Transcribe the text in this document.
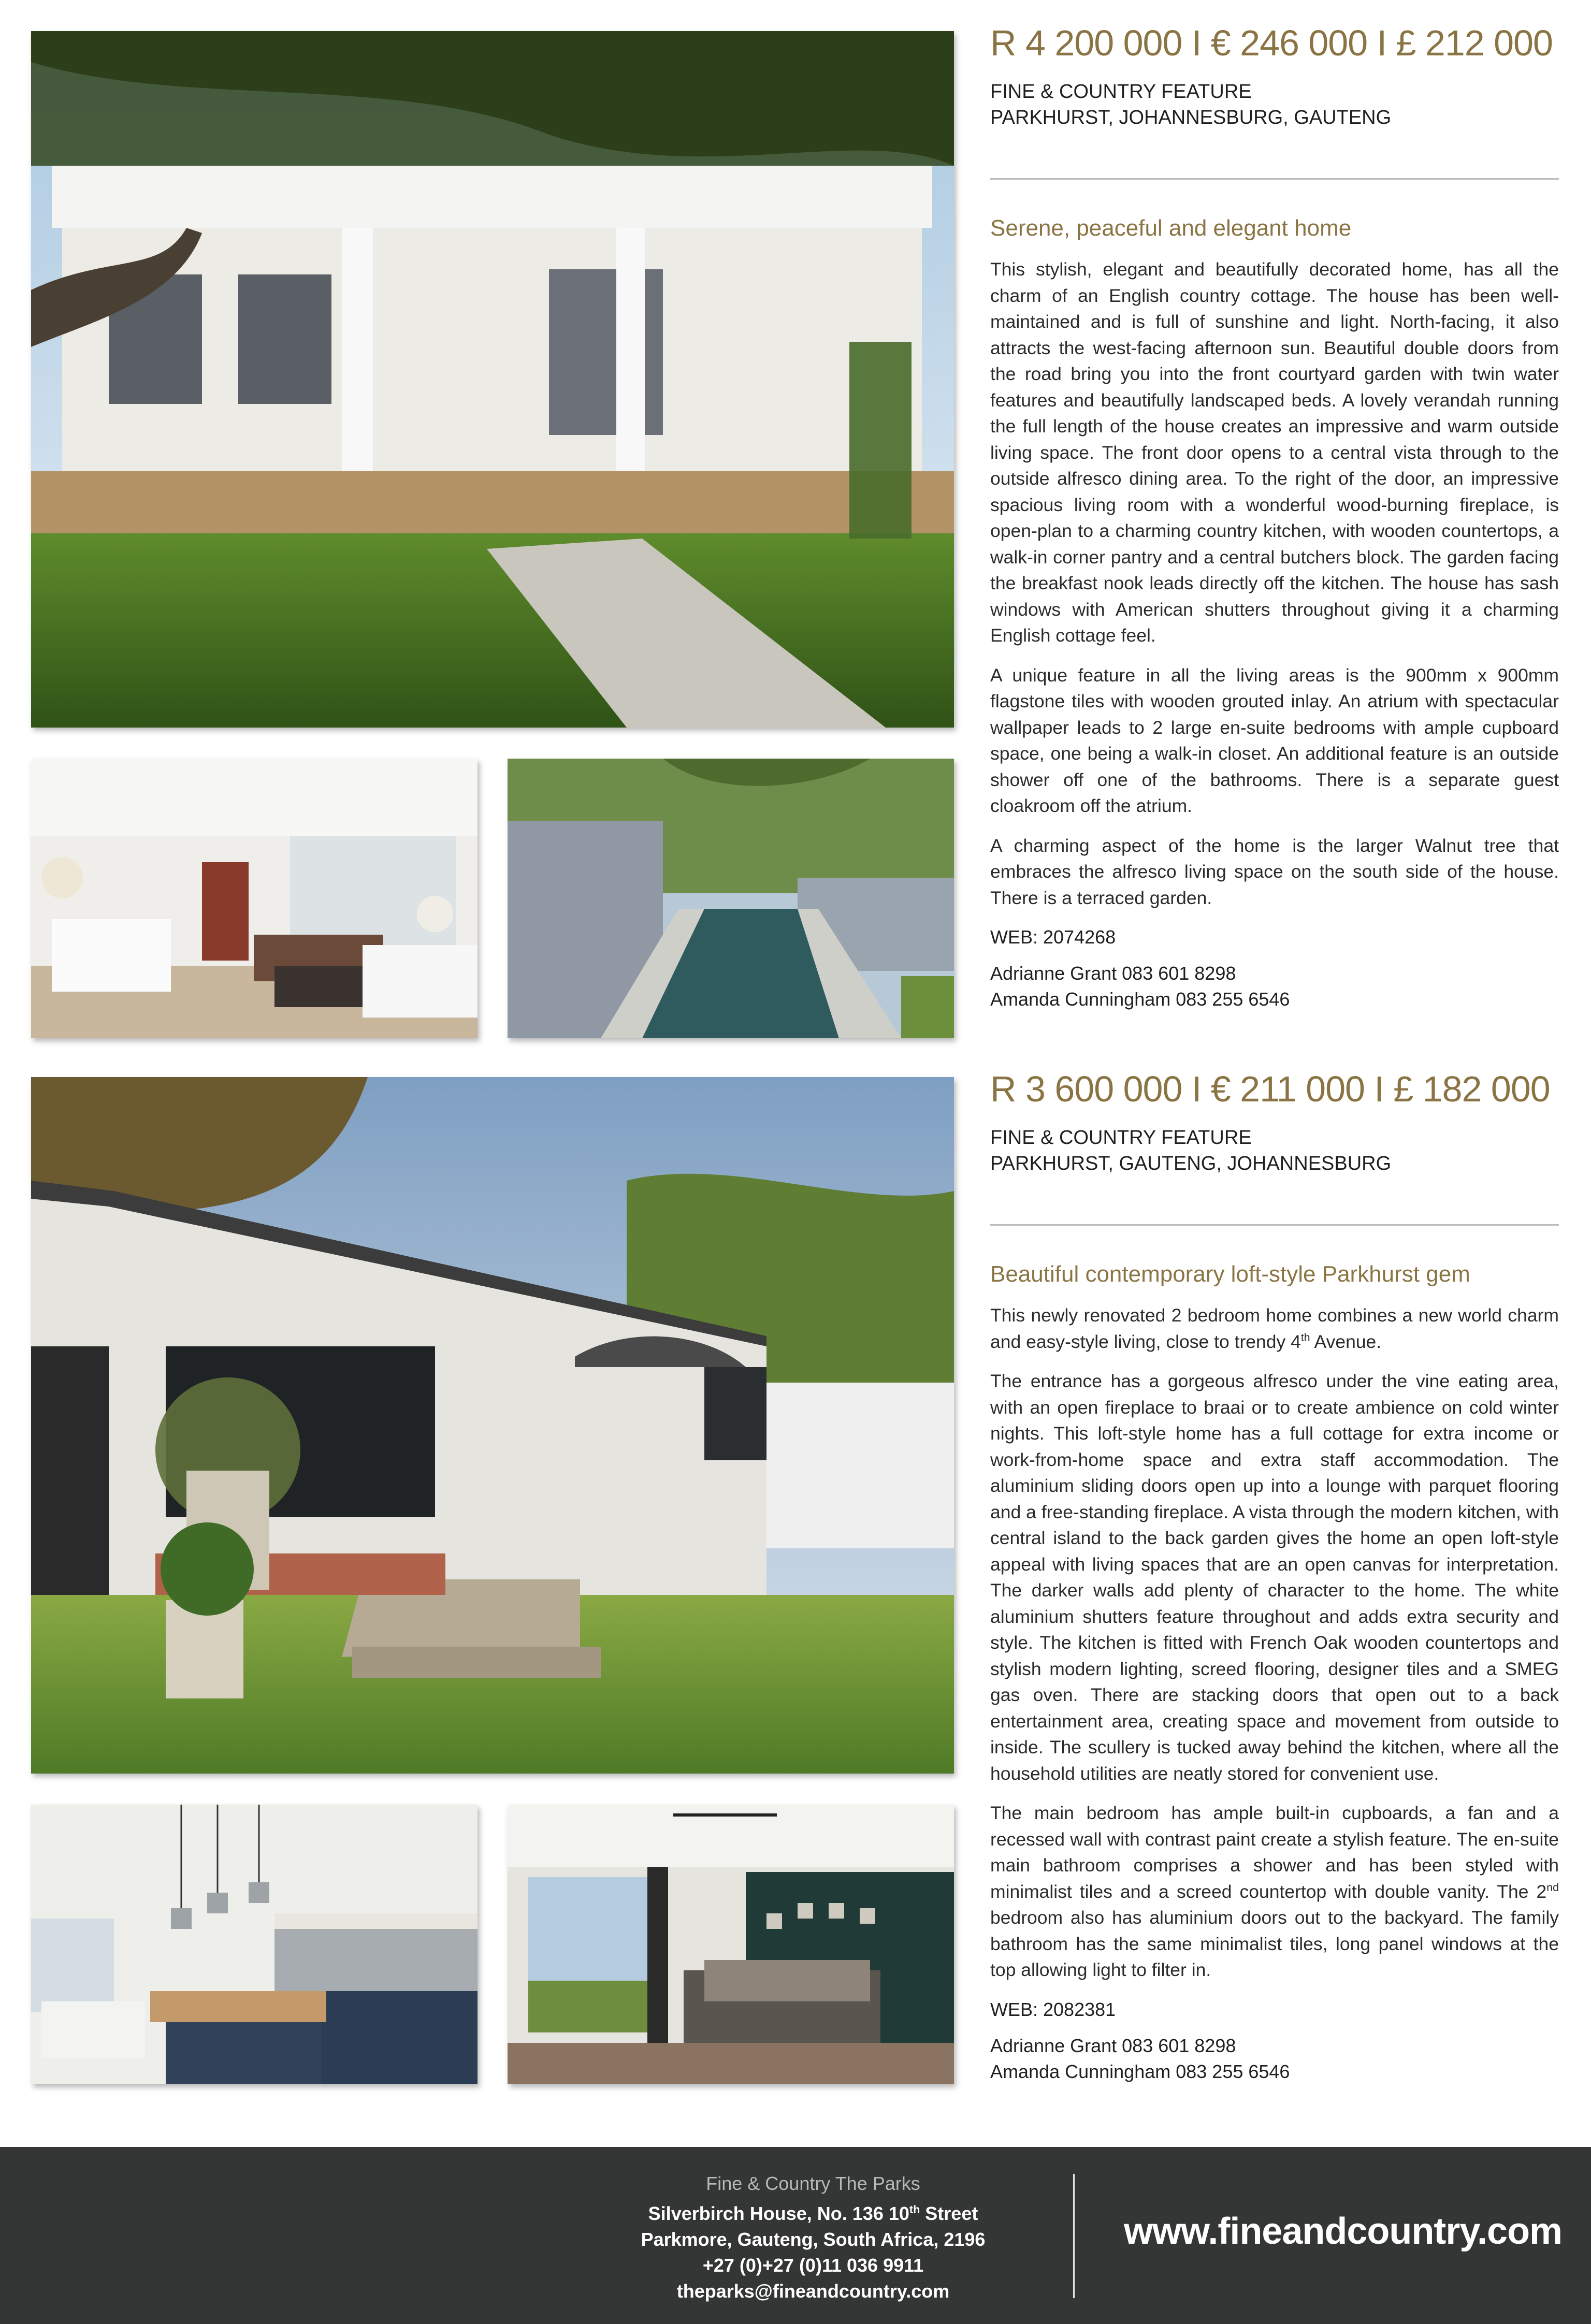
R 4 200 000 I € 246 000 I £ 212 000
FINE & COUNTRY FEATURE
PARKHURST, JOHANNESBURG, GAUTENG
Serene, peaceful and elegant home

This stylish, elegant and beautifully decorated home, has all the charm of an English country cottage. The house has been well-maintained and is full of sunshine and light. North-facing, it also attracts the west-facing afternoon sun. Beautiful double doors from the road bring you into the front courtyard garden with twin water features and beautifully landscaped beds. A lovely verandah running the full length of the house creates an impressive and warm outside living space. The front door opens to a central vista through to the outside alfresco dining area. To the right of the door, an impressive spacious living room with a wonderful wood-burning fireplace, is open-plan to a charming country kitchen, with wooden countertops, a walk-in corner pantry and a central butchers block. The garden facing the breakfast nook leads directly off the kitchen. The house has sash windows with American shutters throughout giving it a charming English cottage feel.

A unique feature in all the living areas is the 900mm x 900mm flagstone tiles with wooden grouted inlay. An atrium with spectacular wallpaper leads to 2 large en-suite bedrooms with ample cupboard space, one being a walk-in closet. An additional feature is an outside shower off one of the bathrooms. There is a separate guest cloakroom off the atrium.

A charming aspect of the home is the larger Walnut tree that embraces the alfresco living space on the south side of the house. There is a terraced garden.

WEB: 2074268
Adrianne Grant 083 601 8298
Amanda Cunningham 083 255 6546
R 3 600 000 I € 211 000 I £ 182 000
FINE & COUNTRY FEATURE
PARKHURST, GAUTENG, JOHANNESBURG
Beautiful contemporary loft-style Parkhurst gem

This newly renovated 2 bedroom home combines a new world charm and easy-style living, close to trendy 4th Avenue.

The entrance has a gorgeous alfresco under the vine eating area, with an open fireplace to braai or to create ambience on cold winter nights. This loft-style home has a full cottage for extra income or work-from-home space and extra staff accommodation. The aluminium sliding doors open up into a lounge with parquet flooring and a free-standing fireplace. A vista through the modern kitchen, with central island to the back garden gives the home an open loft-style appeal with living spaces that are an open canvas for interpretation. The darker walls add plenty of character to the home. The white aluminium shutters feature throughout and adds extra security and style. The kitchen is fitted with French Oak wooden countertops and stylish modern lighting, screed flooring, designer tiles and a SMEG gas oven. There are stacking doors that open out to a back entertainment area, creating space and movement from outside to inside. The scullery is tucked away behind the kitchen, where all the household utilities are neatly stored for convenient use.

The main bedroom has ample built-in cupboards, a fan and a recessed wall with contrast paint create a stylish feature. The en-suite main bathroom comprises a shower and has been styled with minimalist tiles and a screed countertop with double vanity. The 2nd bedroom also has aluminium doors out to the backyard. The family bathroom has the same minimalist tiles, long panel windows at the top allowing light to filter in.

WEB: 2082381
Adrianne Grant 083 601 8298
Amanda Cunningham 083 255 6546
Fine & Country The Parks
Silverbirch House, No. 136 10th Street
Parkmore, Gauteng, South Africa, 2196
+27 (0)+27 (0)11 036 9911
theparks@fineandcountry.com
www.fineandcountry.com
